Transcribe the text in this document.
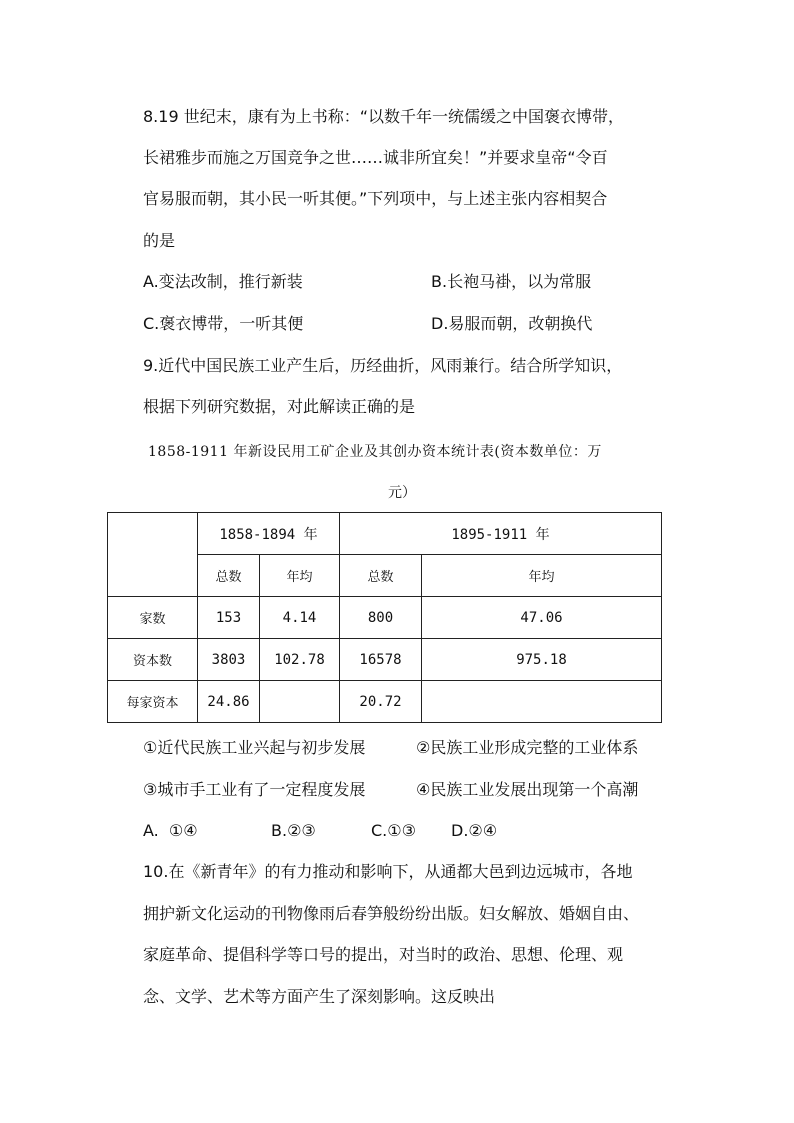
8.19 世纪末，康有为上书称：“以数千年一统儒缓之中国褒衣博带，
长裙雅步而施之万国竞争之世……诚非所宜矣！”并要求皇帝“令百
官易服而朝，其小民一听其便。”下列项中，与上述主张内容相契合
的是
A.变法改制，推行新装	B.长袍马褂，以为常服
C.褒衣博带，一听其便	D.易服而朝，改朝换代
9.近代中国民族工业产生后，历经曲折，风雨兼行。结合所学知识，
根据下列研究数据，对此解读正确的是
1858-1911 年新设民用工矿企业及其创办资本统计表(资本数单位：万
元）
	1858-1894 年		1895-1911 年	
	总数	年均	总数	年均
家数	153	4.14	800	47.06
资本数	3803	102.78	16578	975.18
每家资本	24.86		20.72	
①近代民族工业兴起与初步发展	②民族工业形成完整的工业体系
③城市手工业有了一定程度发展	④民族工业发展出现第一个高潮
A.  ①④	B.②③	C.①③ D.②④
10.在《新青年》的有力推动和影响下，从通都大邑到边远城市，各地
拥护新文化运动的刊物像雨后春笋般纷纷出版。妇女解放、婚姻自由、
家庭革命、提倡科学等口号的提出，对当时的政治、思想、伦理、观
念、文学、艺术等方面产生了深刻影响。这反映出
